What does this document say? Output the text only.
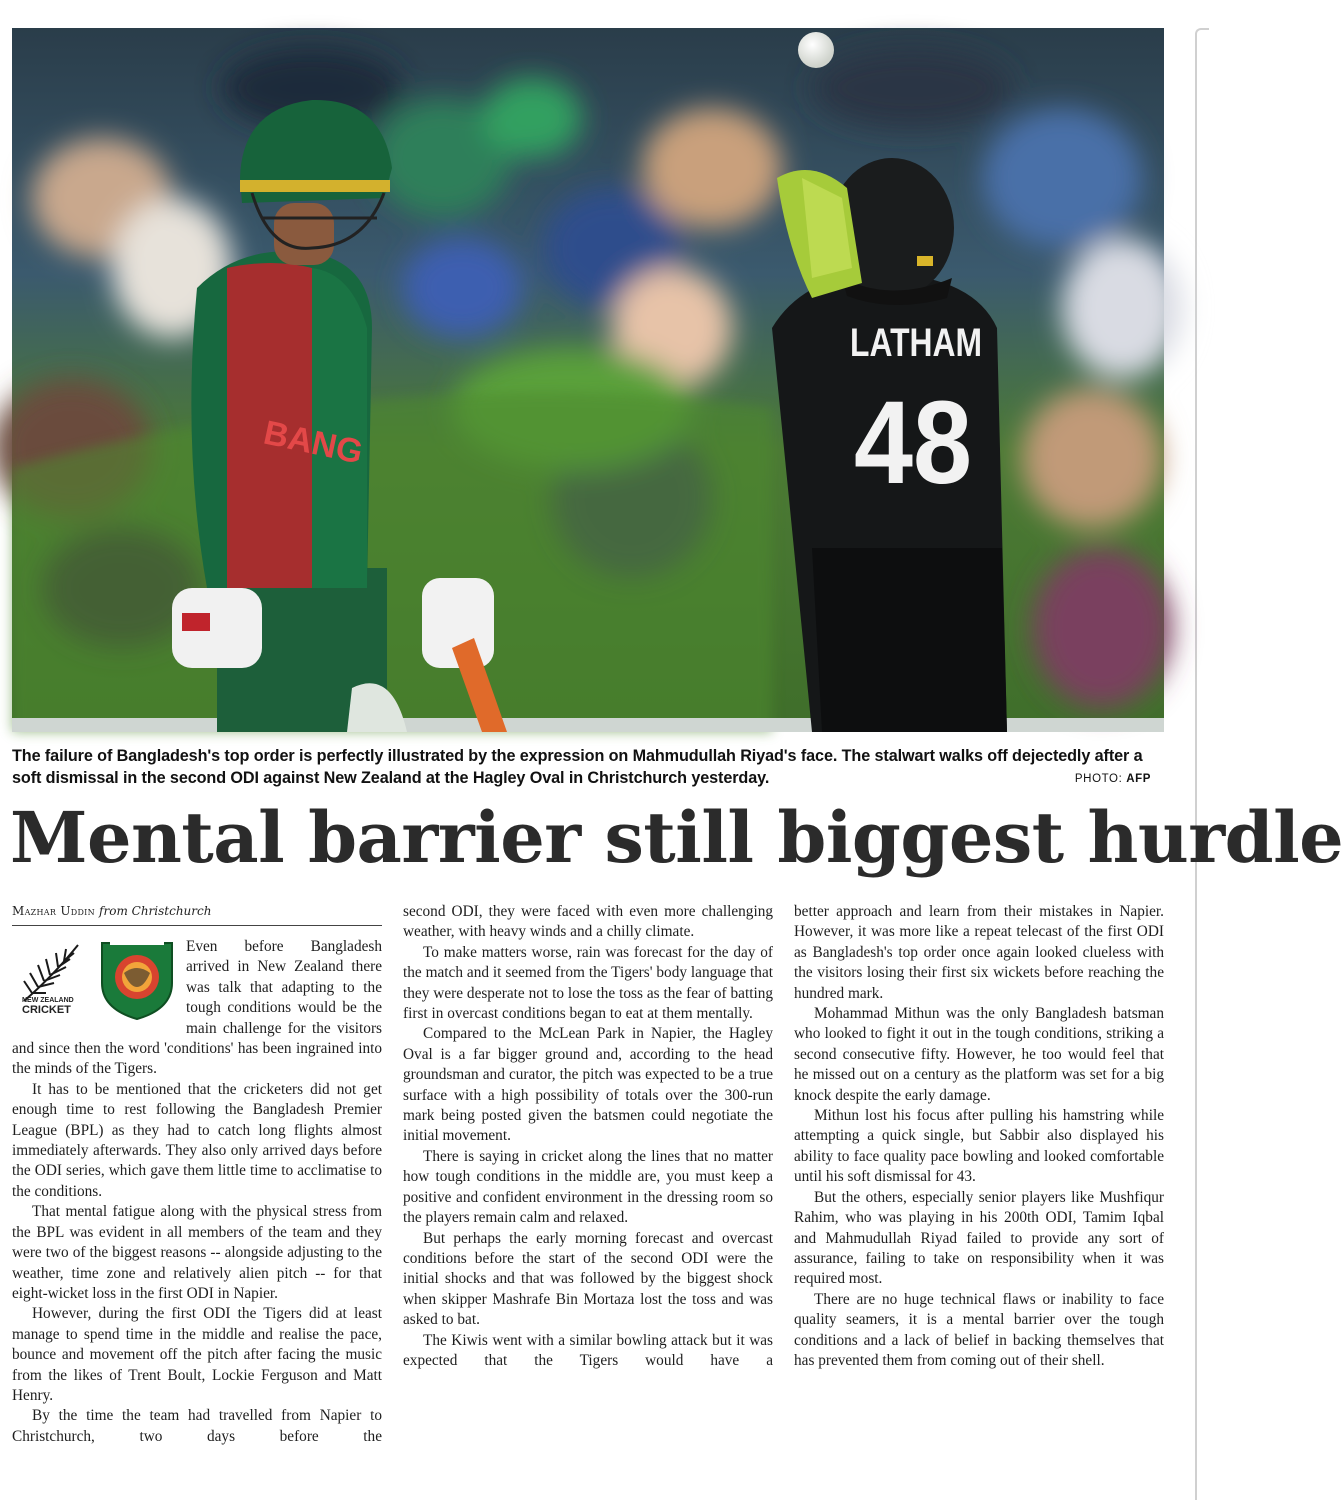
BANG
LATHAM
48
The failure of Bangladesh's top order is perfectly illustrated by the expression on Mahmudullah Riyad's face. The stalwart walks off dejectedly after a soft dismissal in the second ODI against New Zealand at the Hagley Oval in Christchurch yesterday.	PHOTO: AFP
Mental barrier still biggest hurdle
Mazhar Uddin from Christchurch
NEW ZEALAND
CRICKET

Even before Bangladesh arrived in New Zealand there was talk that adapting to the tough conditions would be the main challenge for the visitors and since then the word 'conditions' has been ingrained into the minds of the Tigers.

It has to be mentioned that the cricketers did not get enough time to rest following the Bangladesh Premier League (BPL) as they had to catch long flights almost immediately afterwards. They also only arrived days before the ODI series, which gave them little time to acclimatise to the conditions.

That mental fatigue along with the physical stress from the BPL was evident in all members of the team and they were two of the biggest reasons -- alongside adjusting to the weather, time zone and relatively alien pitch -- for that eight-wicket loss in the first ODI in Napier.

However, during the first ODI the Tigers did at least manage to spend time in the middle and realise the pace, bounce and movement off the pitch after facing the music from the likes of Trent Boult, Lockie Ferguson and Matt Henry.

By the time the team had travelled from Napier to Christchurch, two days before the

second ODI, they were faced with even more challenging weather, with heavy winds and a chilly climate.

To make matters worse, rain was forecast for the day of the match and it seemed from the Tigers' body language that they were desperate not to lose the toss as the fear of batting first in overcast conditions began to eat at them mentally.

Compared to the McLean Park in Napier, the Hagley Oval is a far bigger ground and, according to the head groundsman and curator, the pitch was expected to be a true surface with a high possibility of totals over the 300-run mark being posted given the batsmen could negotiate the initial movement.

There is saying in cricket along the lines that no matter how tough conditions in the middle are, you must keep a positive and confident environment in the dressing room so the players remain calm and relaxed.

But perhaps the early morning forecast and overcast conditions before the start of the second ODI were the initial shocks and that was followed by the biggest shock when skipper Mashrafe Bin Mortaza lost the toss and was asked to bat.

The Kiwis went with a similar bowling attack but it was expected that the Tigers would have a

better approach and learn from their mistakes in Napier. However, it was more like a repeat telecast of the first ODI as Bangladesh's top order once again looked clueless with the visitors losing their first six wickets before reaching the hundred mark.

Mohammad Mithun was the only Bangladesh batsman who looked to fight it out in the tough conditions, striking a second consecutive fifty. However, he too would feel that he missed out on a century as the platform was set for a big knock despite the early damage.

Mithun lost his focus after pulling his hamstring while attempting a quick single, but Sabbir also displayed his ability to face quality pace bowling and looked comfortable until his soft dismissal for 43.

But the others, especially senior players like Mushfiqur Rahim, who was playing in his 200th ODI, Tamim Iqbal and Mahmudullah Riyad failed to provide any sort of assurance, failing to take on responsibility when it was required most.

There are no huge technical flaws or inability to face quality seamers, it is a mental barrier over the tough conditions and a lack of belief in backing themselves that has prevented them from coming out of their shell.
